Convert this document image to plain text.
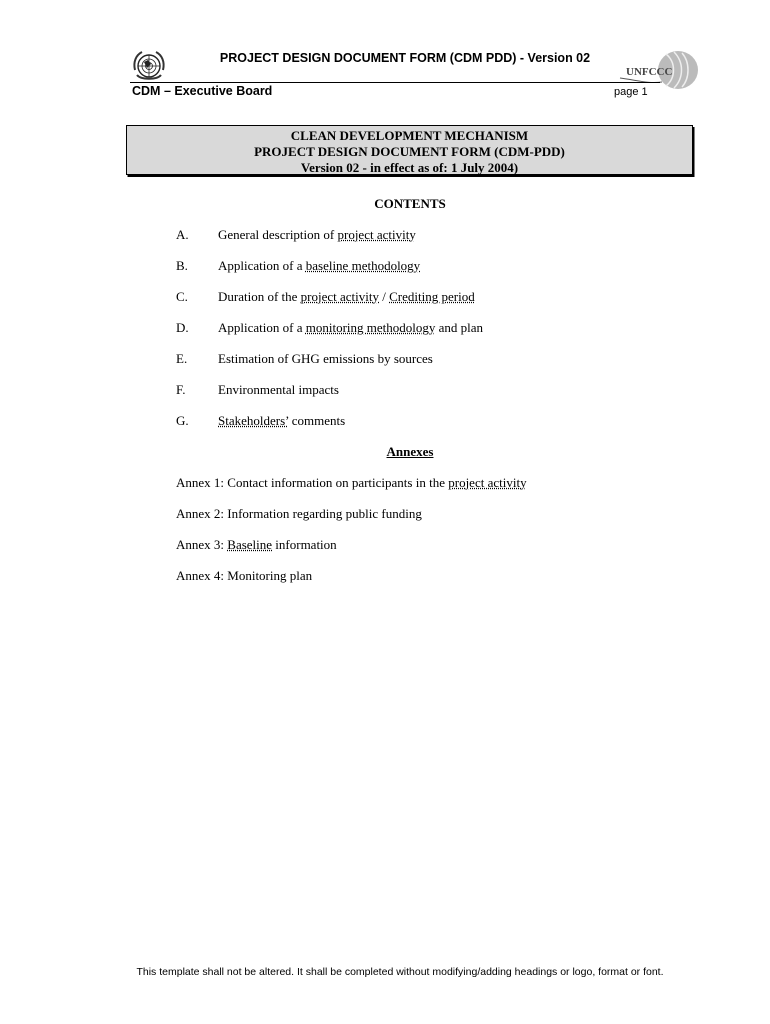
PROJECT DESIGN DOCUMENT FORM (CDM PDD) - Version 02
UNFCCC
CDM – Executive Board	page 1
CLEAN DEVELOPMENT MECHANISM
PROJECT DESIGN DOCUMENT FORM (CDM-PDD)
Version 02 - in effect as of: 1 July 2004)
CONTENTS
A. General description of project activity
B. Application of a baseline methodology
C. Duration of the project activity / Crediting period
D. Application of a monitoring methodology and plan
E. Estimation of GHG emissions by sources
F.	Environmental impacts
G. Stakeholders’ comments
Annexes
Annex 1: Contact information on participants in the project activity
Annex 2: Information regarding public funding
Annex 3: Baseline information
Annex 4: Monitoring plan
This template shall not be altered. It shall be completed without modifying/adding headings or logo, format or font.
